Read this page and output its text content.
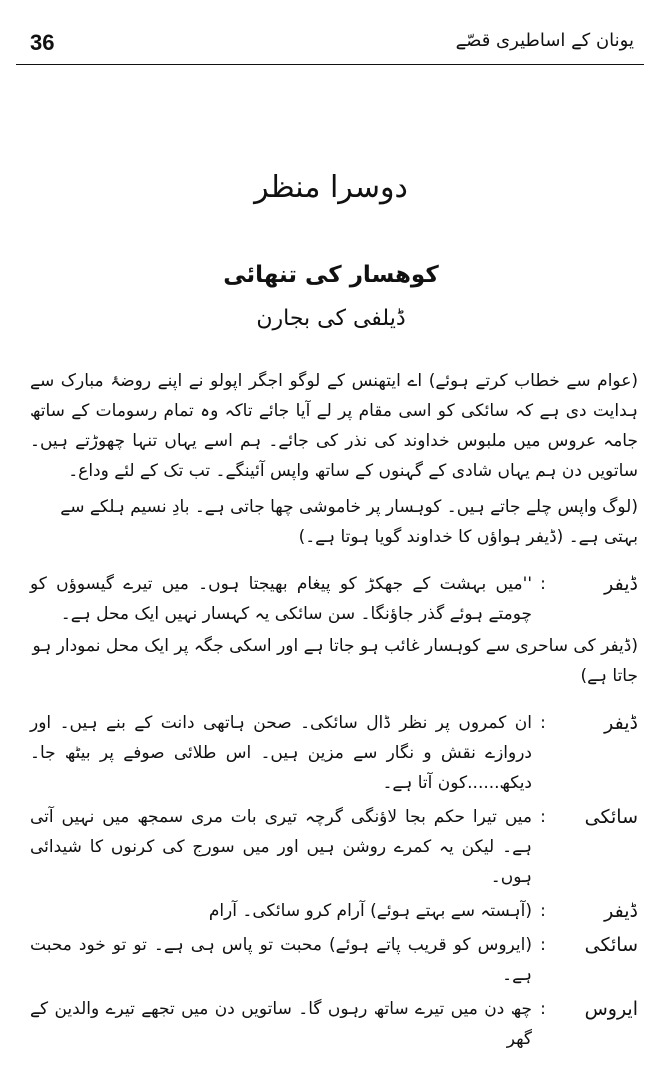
36	یونان کے اساطیری قصّے
دوسرا منظر
کوھسار کی تنھائی
ڈیلفی کی بجارن

(عوام سے خطاب کرتے ہوئے) اے ایتھنس کے لوگو اجگر اپولو نے اپنے روضۂ مبارک سے ہدایت دی ہے کہ سائکی کو اسی مقام پر لے آیا جائے تاکہ وہ تمام رسومات کے ساتھ جامہ عروس میں ملبوس خداوند کی نذر کی جائے۔ ہم اسے یہاں تنہا چھوڑتے ہیں۔ ساتویں دن ہم یہاں شادی کے گہنوں کے ساتھ واپس آئینگے۔ تب تک کے لئے وداع۔

(لوگ واپس چلے جاتے ہیں۔ کوہسار پر خاموشی چھا جاتی ہے۔ بادِ نسیم ہلکے سے بہتی ہے۔ (ڈیفر ہواؤں کا خداوند گویا ہوتا ہے۔)

ڈیفر
:
''میں بہشت کے جھکڑ کو پیغام بھیجتا ہوں۔ میں تیرے گیسوؤں کو چومتے ہوئے گذر جاؤنگا۔ سن سائکی یہ کہسار نہیں ایک محل ہے۔

(ڈیفر کی ساحری سے کوہسار غائب ہو جاتا ہے اور اسکی جگہ پر ایک محل نمودار ہو جاتا ہے)

ڈیفر
:
ان کمروں پر نظر ڈال سائکی۔ صحن ہاتھی دانت کے بنے ہیں۔ اور دروازے نقش و نگار سے مزین ہیں۔ اس طلائی صوفے پر بیٹھ جا۔ دیکھ......کون آتا ہے۔
سائکی
:
میں تیرا حکم بجا لاؤنگی گرچہ تیری بات مری سمجھ میں نہیں آتی ہے۔ لیکن یہ کمرے روشن ہیں اور میں سورج کی کرنوں کا شیدائی ہوں۔
ڈیفر
:
(آہستہ سے بہتے ہوئے) آرام کرو سائکی۔ آرام
سائکی
:
(ایروس کو قریب پاتے ہوئے) محبت تو پاس ہی ہے۔ تو تو خود محبت ہے۔
ایروس
:
چھ دن میں تیرے ساتھ رہوں گا۔ ساتویں دن میں تجھے تیرے والدین کے گھر
